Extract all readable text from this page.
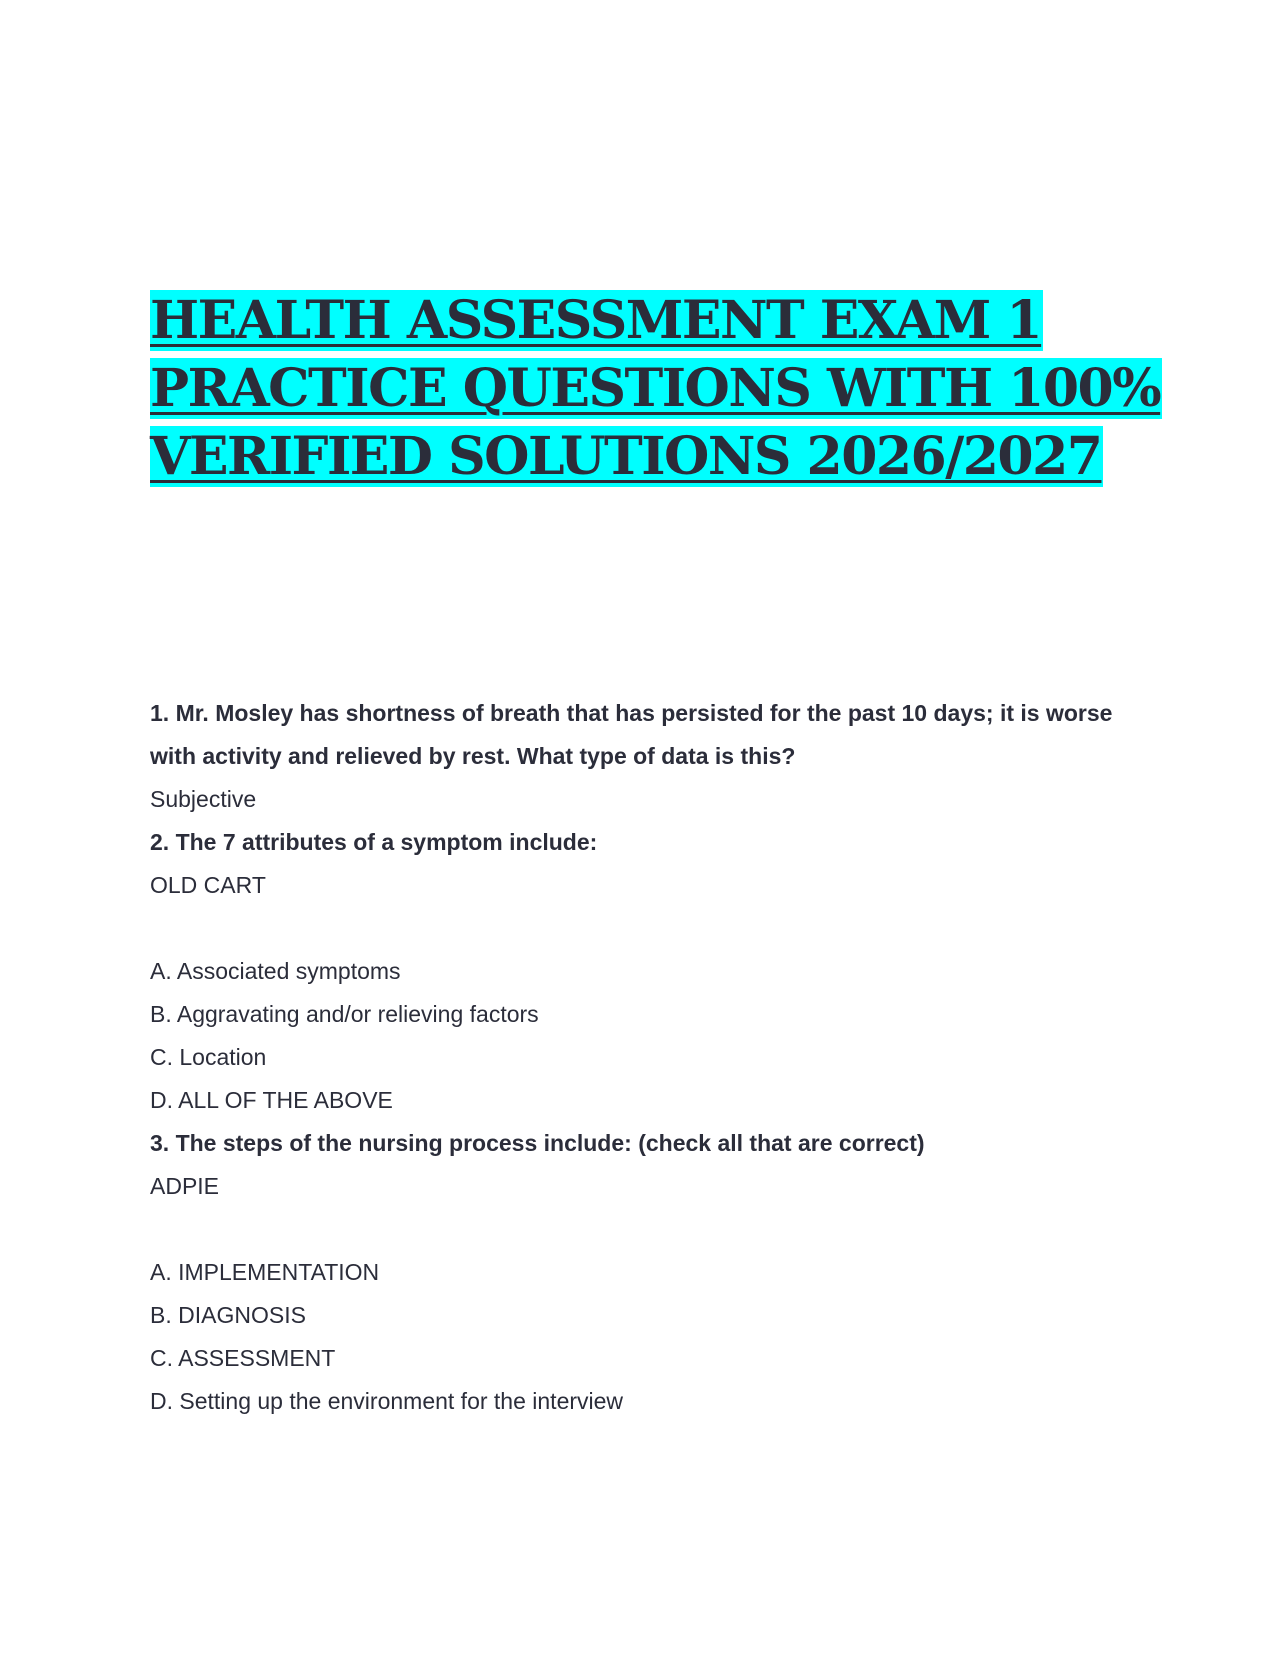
HEALTH ASSESSMENT EXAM 1
PRACTICE QUESTIONS WITH 100%
VERIFIED SOLUTIONS 2026/2027

1. Mr. Mosley has shortness of breath that has persisted for the past 10 days; it is worse with activity and relieved by rest. What type of data is this?

Subjective

2. The 7 attributes of a symptom include:

OLD CART

A. Associated symptoms

B. Aggravating and/or relieving factors

C. Location

D. ALL OF THE ABOVE

3. The steps of the nursing process include: (check all that are correct)

ADPIE

A. IMPLEMENTATION

B. DIAGNOSIS

C. ASSESSMENT

D. Setting up the environment for the interview
